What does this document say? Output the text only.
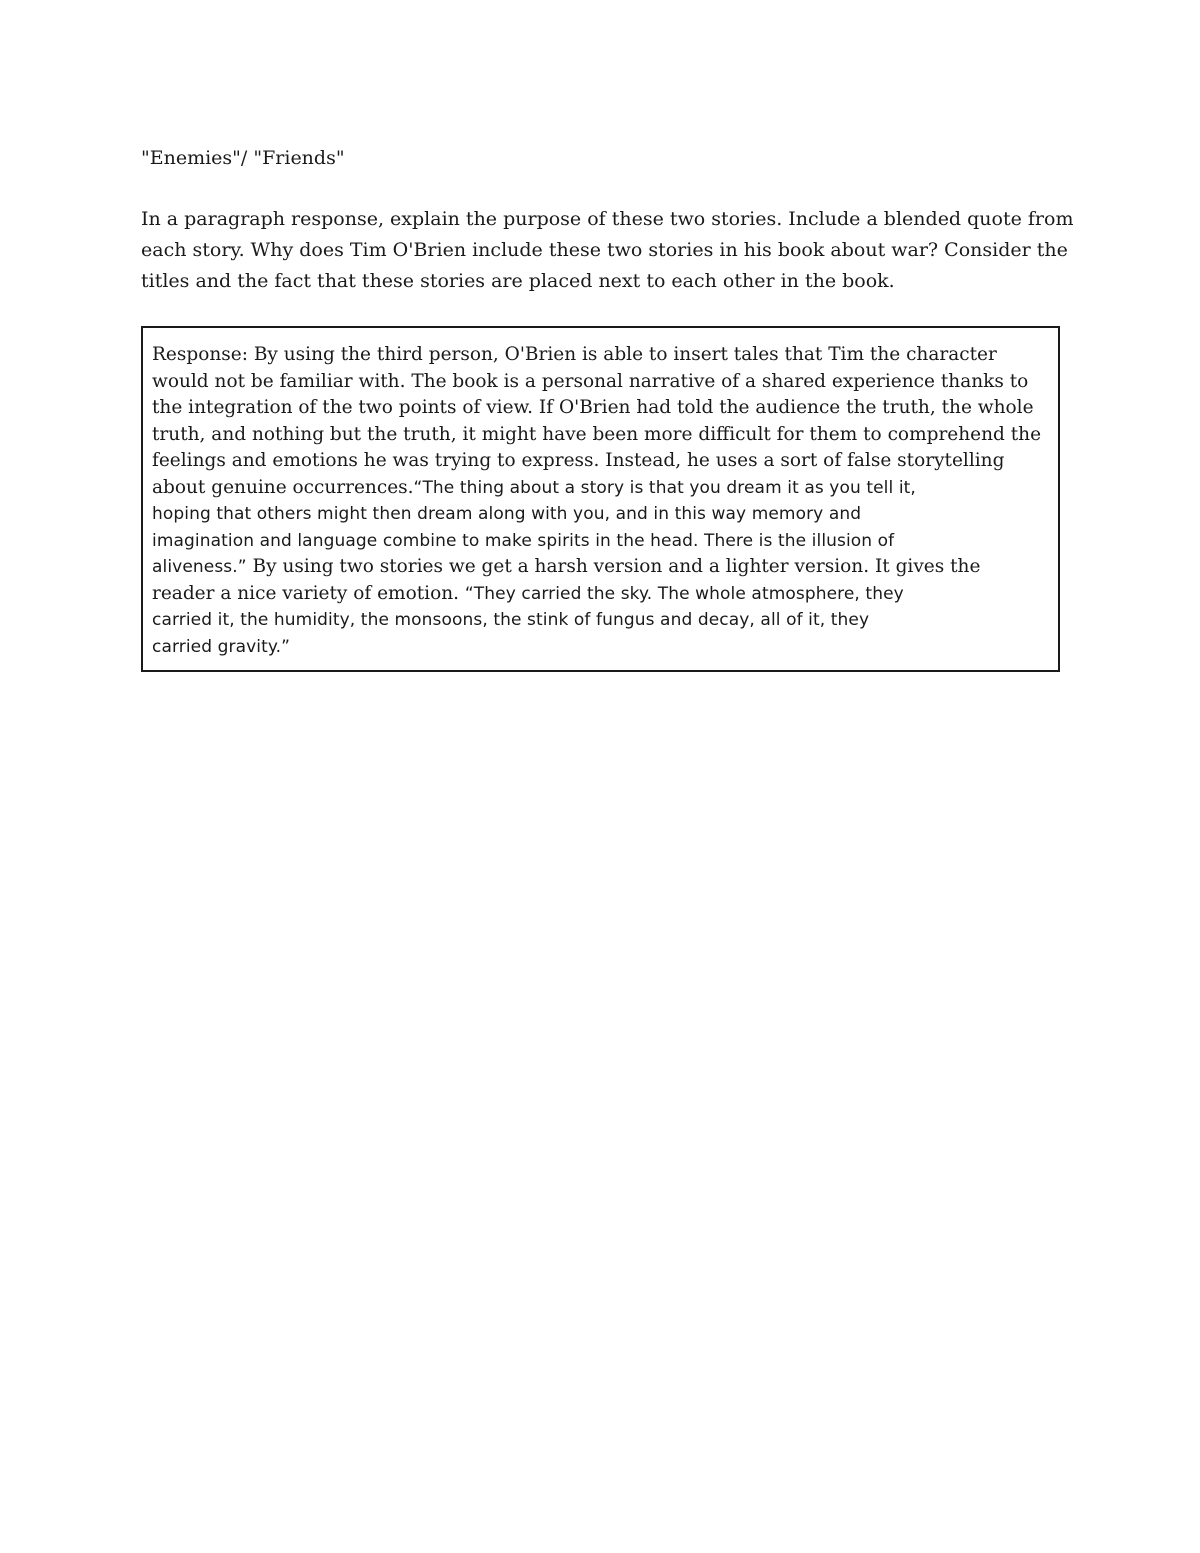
"Enemies"/ "Friends"
In a paragraph response, explain the purpose of these two stories. Include a blended quote from
each story. Why does Tim O'Brien include these two stories in his book about war? Consider the
titles and the fact that these stories are placed next to each other in the book.
Response: By using the third person, O'Brien is able to insert tales that Tim the character
would not be familiar with. The book is a personal narrative of a shared experience thanks to
the integration of the two points of view. If O'Brien had told the audience the truth, the whole
truth, and nothing but the truth, it might have been more difficult for them to comprehend the
feelings and emotions he was trying to express. Instead, he uses a sort of false storytelling
about genuine occurrences.“The thing about a story is that you dream it as you tell it,
hoping that others might then dream along with you, and in this way memory and
imagination and language combine to make spirits in the head. There is the illusion of
aliveness.” By using two stories we get a harsh version and a lighter version. It gives the
reader a nice variety of emotion. “They carried the sky. The whole atmosphere, they
carried it, the humidity, the monsoons, the stink of fungus and decay, all of it, they
carried gravity.”
